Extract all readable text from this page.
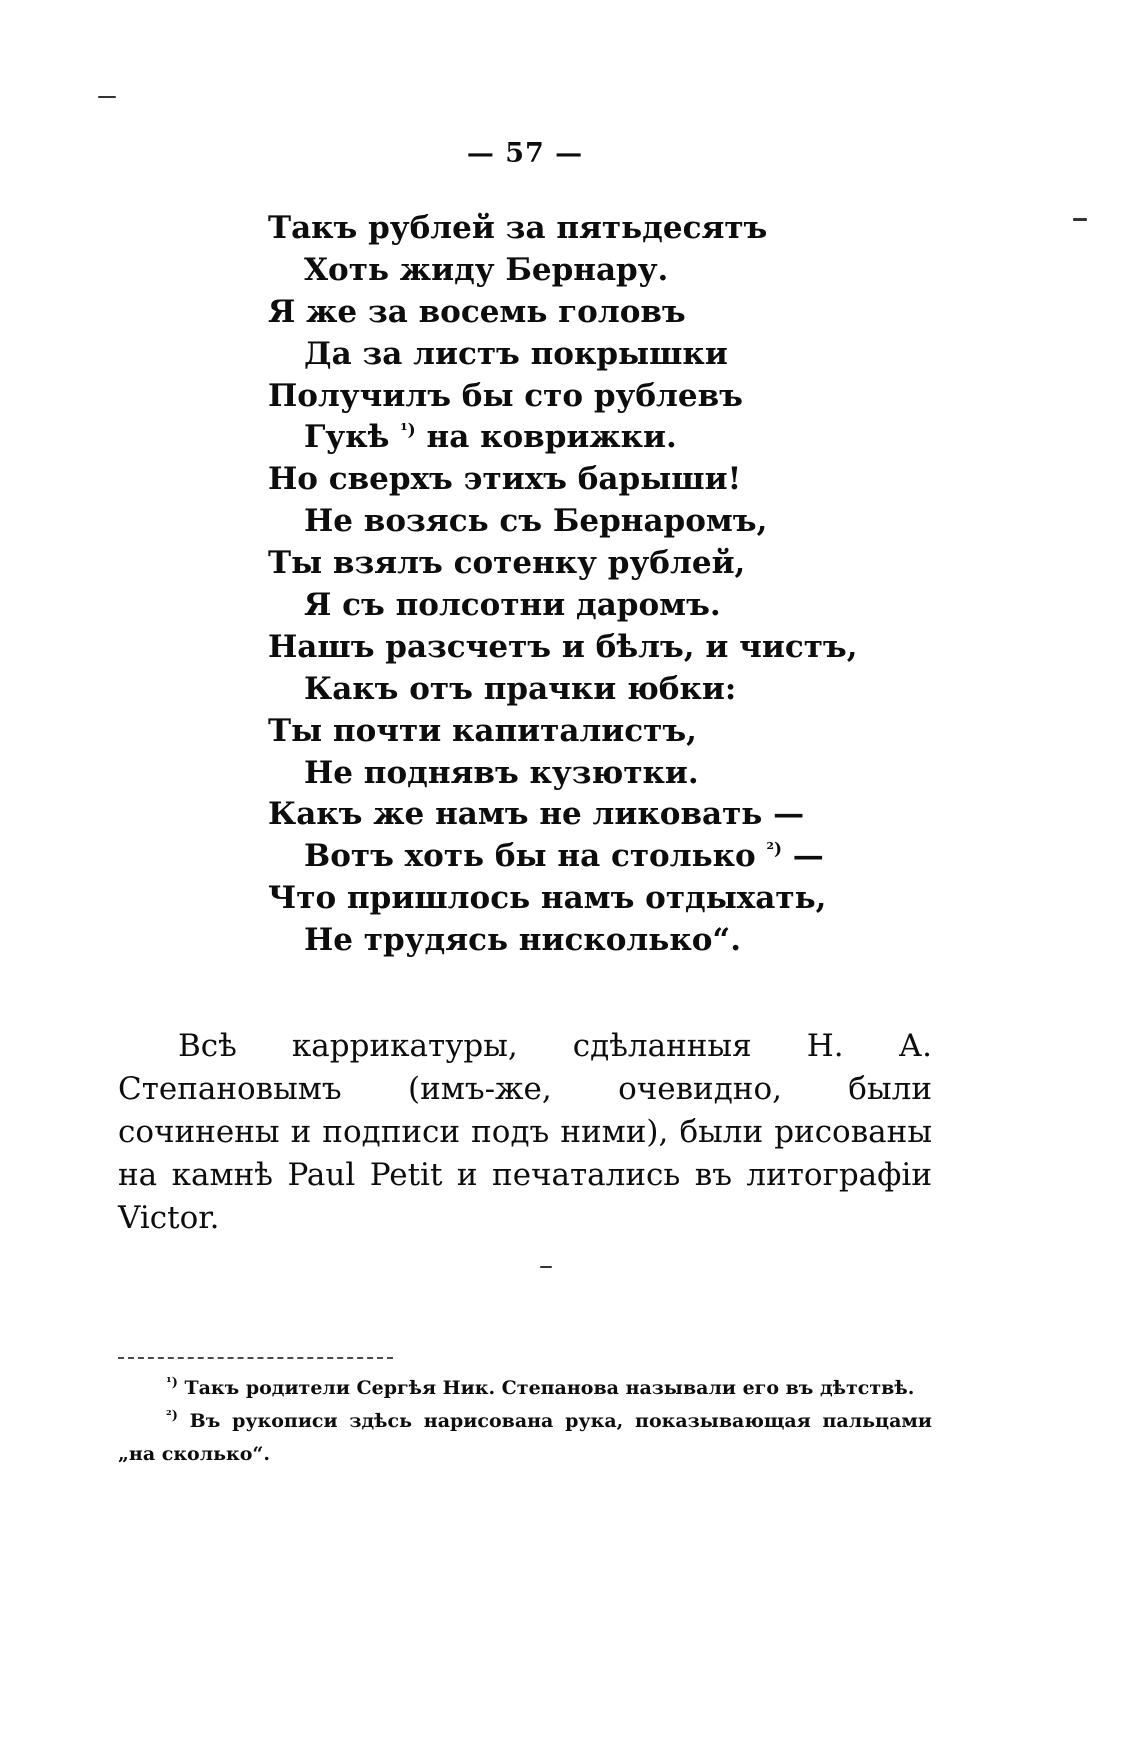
— 57 —
Такъ рублей за пятьдесятъ
Хоть жиду Бернару.
Я же за восемь головъ
Да за листъ покрышки
Получилъ бы сто рублевъ
Гукѣ $^{^1)}$ на коврижки.
Но сверхъ этихъ барыши!
Не возясь съ Бернаромъ,
Ты взялъ сотенку рублей,
Я съ полсотни даромъ.
Нашъ разсчетъ и бѣлъ, и чистъ,
Какъ отъ прачки юбки:
Ты почти капиталистъ,
Не поднявъ кузютки.
Какъ же намъ не ликовать —
Вотъ хоть бы на столько $^{^2)}$ —
Что пришлось намъ отдыхать,
Не трудясь нисколько“.
Всѣ каррикатуры, сдѣланныя Н. А. Степановымъ (имъ-же, очевидно, были сочинены и подписи подъ ними), были рисованы на камнѣ Paul Petit и печатались въ литографіи Victor.
$^{^1)}$ Такъ родители Сергѣя Ник. Степанова называли его въ дѣтствѣ.
$^{^2)}$ Въ рукописи здѣсь нарисована рука, показывающая пальцами „на сколько“.
